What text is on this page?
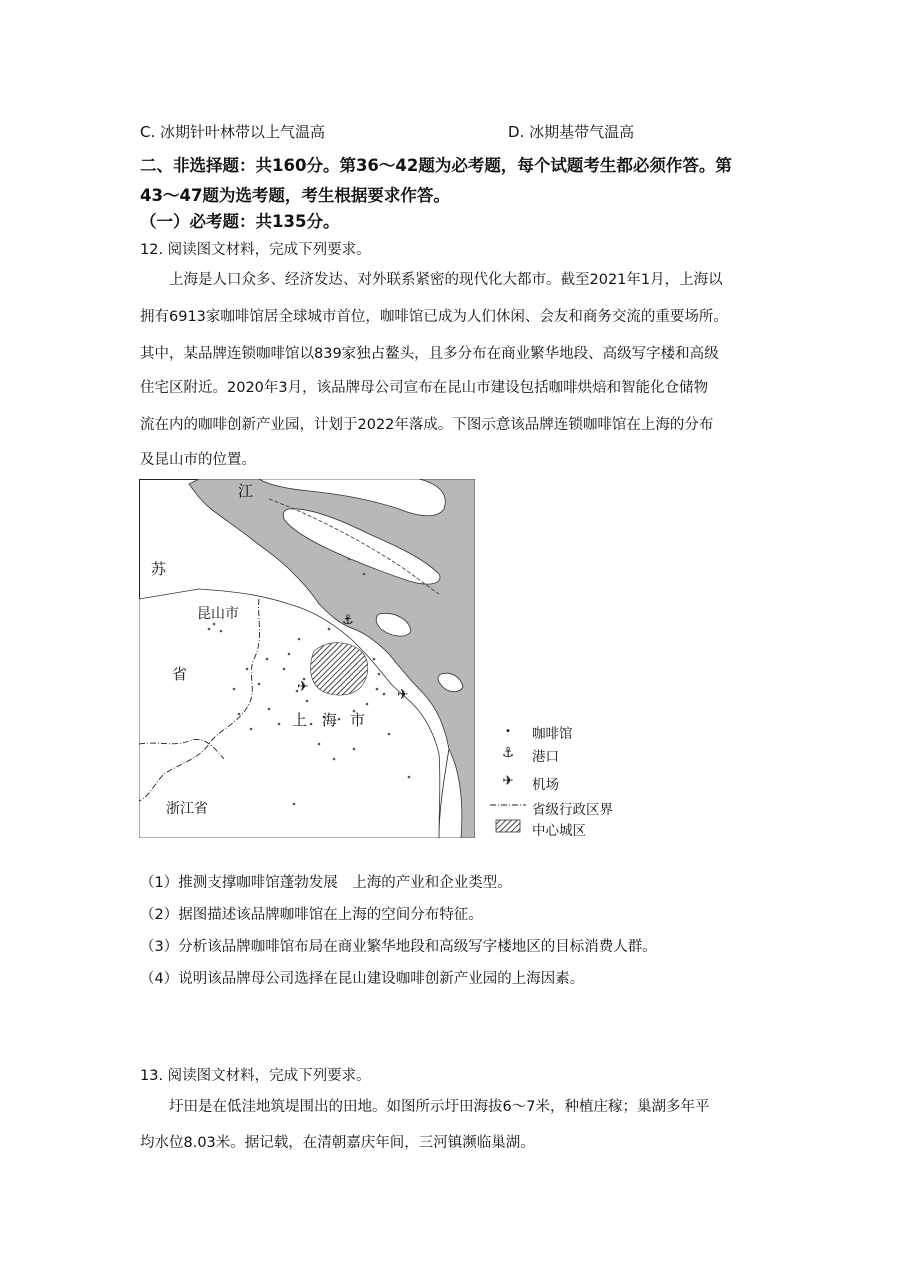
C. 冰期针叶林带以上气温高	D. 冰期基带气温高
二、非选择题：共160分。第36～42题为必考题，每个试题考生都必须作答。第
43～47题为选考题，考生根据要求作答。
（一）必考题：共135分。
12. 阅读图文材料，完成下列要求。
上海是人口众多、经济发达、对外联系紧密的现代化大都市。截至2021年1月，上海以
拥有6913家咖啡馆居全球城市首位，咖啡馆已成为人们休闲、会友和商务交流的重要场所。
其中，某品牌连锁咖啡馆以839家独占鳌头，且多分布在商业繁华地段、高级写字楼和高级
住宅区附近。2020年3月，该品牌母公司宣布在昆山市建设包括咖啡烘焙和智能化仓储物
流在内的咖啡创新产业园，计划于2022年落成。下图示意该品牌连锁咖啡馆在上海的分布
及昆山市的位置。
⚓
✈	✈
江
苏
昆山市
省
上 海 市
浙江省
•	咖啡馆
⚓	港口
✈	机场
省级行政区界
中心城区
（1）推测支撑咖啡馆蓬勃发展　上海的产业和企业类型。
（2）据图描述该品牌咖啡馆在上海的空间分布特征。
（3）分析该品牌咖啡馆布局在商业繁华地段和高级写字楼地区的目标消费人群。
（4）说明该品牌母公司选择在昆山建设咖啡创新产业园的上海因素。
13. 阅读图文材料，完成下列要求。
圩田是在低洼地筑堤围出的田地。如图所示圩田海拔6～7米，种植庄稼；巢湖多年平
均水位8.03米。据记载，在清朝嘉庆年间，三河镇濒临巢湖。
